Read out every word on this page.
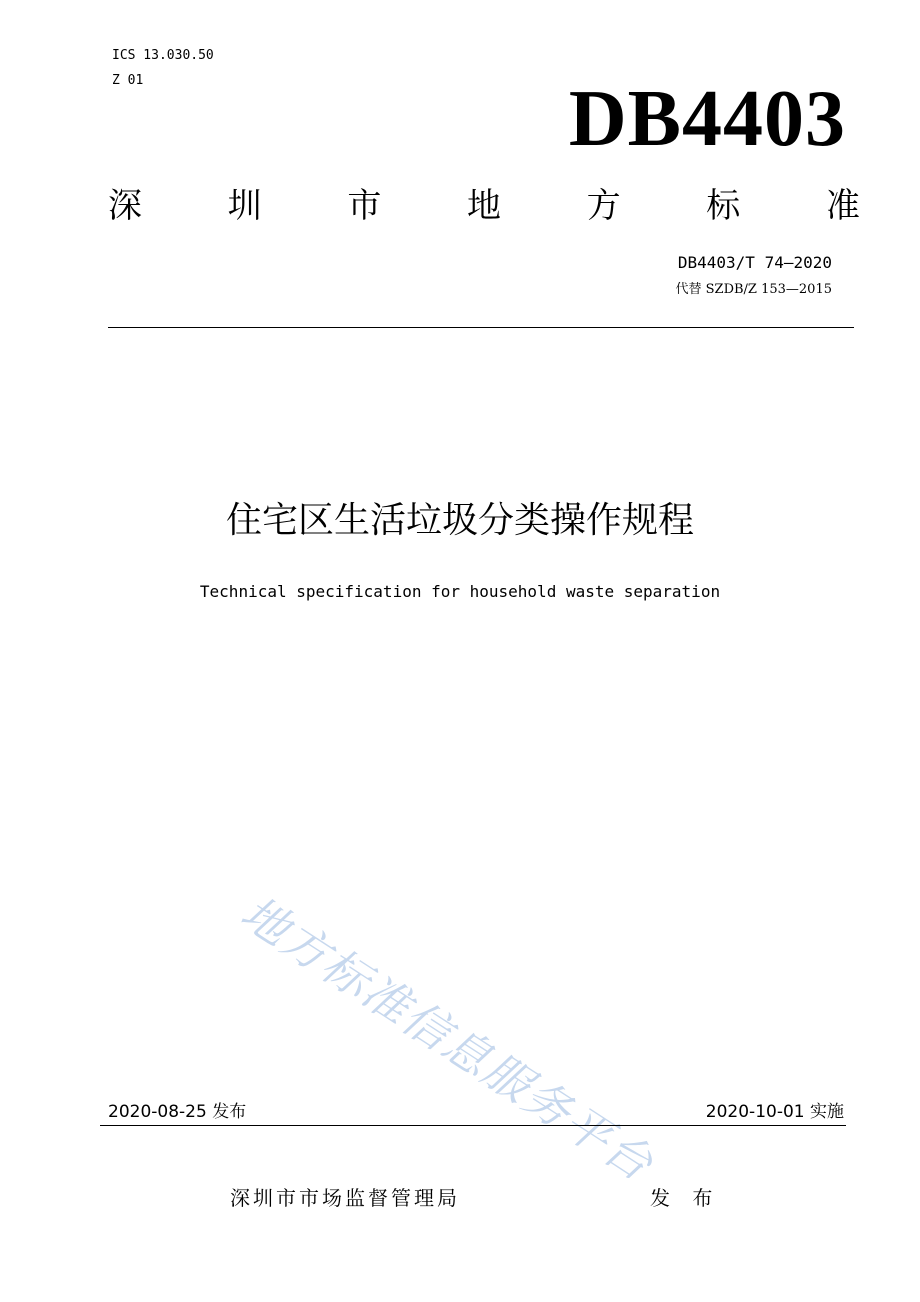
ICS 13.030.50
Z 01	DB4403
深	圳	市	地	方	标	准
DB4403/T 74—2020
代替 SZDB/Z 153—2015
住宅区生活垃圾分类操作规程
Technical specification for household waste separation
地方标准信息服务平台
2020-08-25 发布	2020-10-01 实施
深圳市市场监督管理局	发 布
